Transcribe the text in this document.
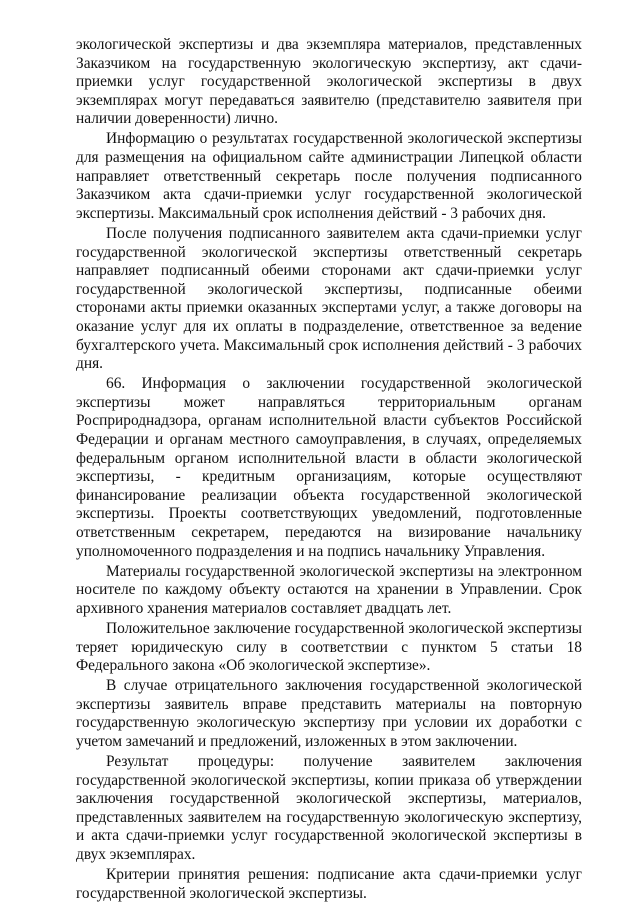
экологической экспертизы и два экземпляра материалов, представленных Заказчиком на государственную экологическую экспертизу, акт сдачи-приемки услуг государственной экологической экспертизы в двух экземплярах могут передаваться заявителю (представителю заявителя при наличии доверенности) лично.

Информацию о результатах государственной экологической экспертизы для размещения на официальном сайте администрации Липецкой области направляет ответственный секретарь после получения подписанного Заказчиком акта сдачи-приемки услуг государственной экологической экспертизы. Максимальный срок исполнения действий - 3 рабочих дня.

После получения подписанного заявителем акта сдачи-приемки услуг государственной экологической экспертизы ответственный секретарь направляет подписанный обеими сторонами акт сдачи-приемки услуг государственной экологической экспертизы, подписанные обеими сторонами акты приемки оказанных экспертами услуг, а также договоры на оказание услуг для их оплаты в подразделение, ответственное за ведение бухгалтерского учета. Максимальный срок исполнения действий - 3 рабочих дня.

66. Информация о заключении государственной экологической экспертизы может направляться территориальным органам Росприроднадзора, органам исполнительной власти субъектов Российской Федерации и органам местного самоуправления, в случаях, определяемых федеральным органом исполнительной власти в области экологической экспертизы, - кредитным организациям, которые осуществляют финансирование реализации объекта государственной экологической экспертизы. Проекты соответствующих уведомлений, подготовленные ответственным секретарем, передаются на визирование начальнику уполномоченного подразделения и на подпись начальнику Управления.

Материалы государственной экологической экспертизы на электронном носителе по каждому объекту остаются на хранении в Управлении. Срок архивного хранения материалов составляет двадцать лет.

Положительное заключение государственной экологической экспертизы теряет юридическую силу в соответствии с пунктом 5 статьи 18 Федерального закона «Об экологической экспертизе».

В случае отрицательного заключения государственной экологической экспертизы заявитель вправе представить материалы на повторную государственную экологическую экспертизу при условии их доработки с учетом замечаний и предложений, изложенных в этом заключении.

Результат процедуры: получение заявителем заключения государственной экологической экспертизы, копии приказа об утверждении заключения государственной экологической экспертизы, материалов, представленных заявителем на государственную экологическую экспертизу, и акта сдачи-приемки услуг государственной экологической экспертизы в двух экземплярах.

Критерии принятия решения: подписание акта сдачи-приемки услуг государственной экологической экспертизы.
